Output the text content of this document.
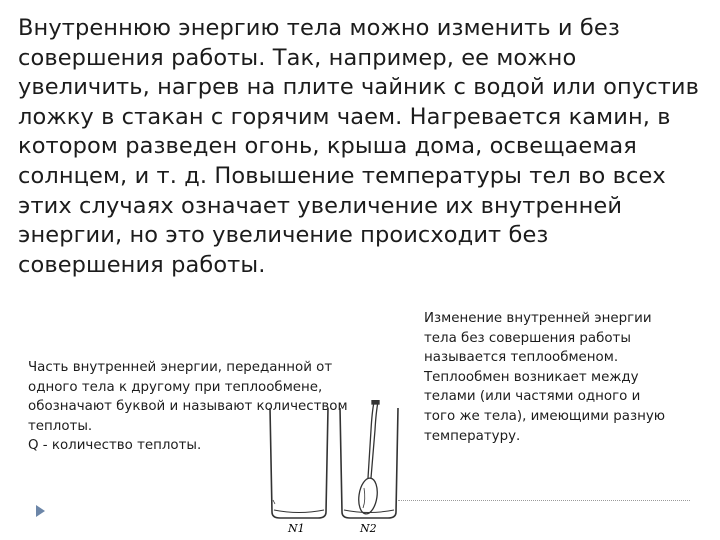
Внутреннюю энергию тела можно изменить и без
совершения работы. Так, например, ее можно
увеличить, нагрев на плите чайник с водой или опустив
ложку в стакан с горячим чаем. Нагревается камин, в
котором разведен огонь, крыша дома, освещаемая
солнцем, и т. д. Повышение температуры тел во всех
этих случаях означает увеличение их внутренней
энергии, но это увеличение происходит без
совершения работы.
Изменение внутренней энергии
тела без совершения работы
называется теплообменом.
Теплообмен возникает между
телами (или частями одного и
того же тела), имеющими разную
температуру.
Часть внутренней энергии, переданной от
одного тела к другому при теплообмене,
обозначают буквой и называют количеством
теплоты.
Q - количество теплоты.
N1	N2
